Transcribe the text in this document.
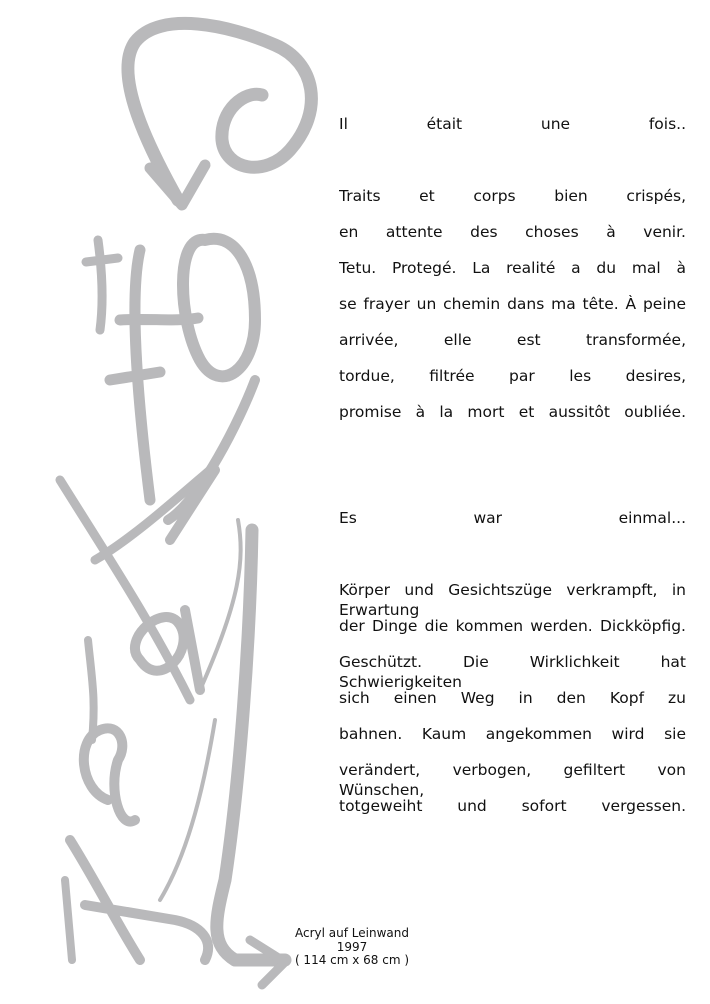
Il était une fois..
Traits et corps bien crispés,
en attente des choses à venir.
Tetu. Protegé. La realité a du mal à
se frayer un chemin dans ma tête. À peine
arrivée, elle est transformée,
tordue, filtrée par les desires,
promise à la mort et aussitôt oubliée.
Es war einmal...
Körper und Gesichtszüge verkrampft, in Erwartung
der Dinge die kommen werden. Dickköpfig.
Geschützt. Die Wirklichkeit hat Schwierigkeiten
sich einen Weg in den Kopf zu
bahnen. Kaum angekommen wird sie
verändert, verbogen, gefiltert von Wünschen,
totgeweiht und sofort vergessen.
Acryl auf Leinwand
1997
( 114 cm x 68 cm )
